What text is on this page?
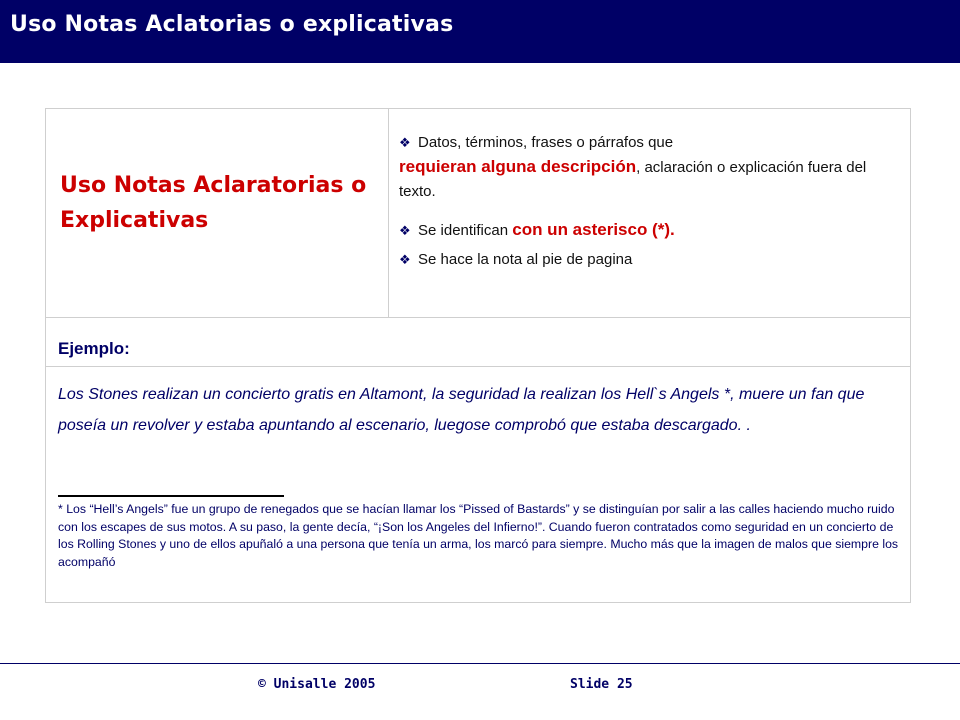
Uso Notas Aclatorias o explicativas
Uso Notas Aclaratorias o Explicativas
❖ Datos, términos, frases o párrafos que
requieran alguna descripción, aclaración o explicación fuera del texto.
❖ Se identifican con un asterisco (*).
❖ Se hace la nota al pie de pagina
Ejemplo:
Los Stones realizan un concierto gratis en Altamont, la seguridad la realizan los Hell`s Angels *, muere un fan que poseía un revolver y estaba apuntando al escenario, luegose comprobó que estaba descargado. .
* Los “Hell’s Angels” fue un grupo de renegados que se hacían llamar los “Pissed of Bastards” y se distinguían por salir a las calles haciendo mucho ruido con los escapes de sus motos. A su paso, la gente decía, “¡Son los Angeles del Infierno!”. Cuando fueron contratados como seguridad en un concierto de los Rolling Stones y uno de ellos apuñaló a una persona que tenía un arma, los marcó para siempre. Mucho más que la imagen de malos que siempre los acompañó
© Unisalle 2005	Slide 25
